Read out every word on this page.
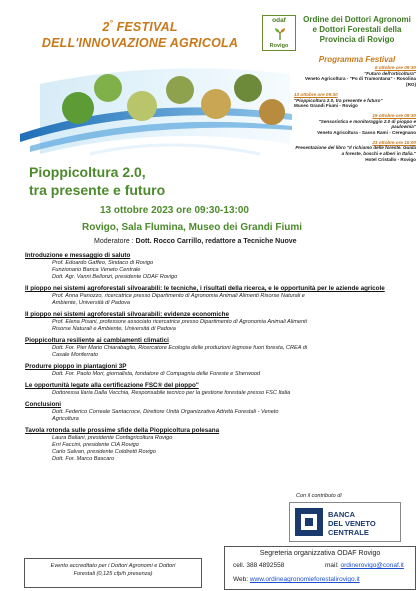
2° FESTIVAL
DELL'INNOVAZIONE AGRICOLA
odaf
Rovigo
Ordine dei Dottori Agronomi
e Dottori Forestali della
Provincia di Rovigo
Programma Festival
6 ottobre ore 09:30
"Futuro dell'orticoltura"
Veneto Agricoltura - "Po di Tramontana" - Rosolina (RO)
13 ottobre ore 09:30
"Pioppicoltura 2.0, tra presente e futuro"
Museo Grandi Fiumi - Rovigo
19 ottobre ore 09:30
"Sensoristica e monitoraggio 2.0 di pioppo e paulownia"
Veneto Agricoltura - Sasso Rami - Ceregnano
23 ottobre ore 15:00
Presentazione del libro "Il richiamo delle foreste. Guida a foreste, boschi e alberi in Italia."
Hotel Cristallo - Rovigo
Pioppicoltura 2.0,
tra presente e futuro
13 ottobre 2023 ore 09:30-13:00
Rovigo, Sala Flumina, Museo dei Grandi Fiumi
Moderatore : Dott. Rocco Carrillo, redattore a Tecniche Nuove
Introduzione e messaggio di saluto
Prof. Edoardo Gaffeo, Sindaco di Rovigo
Funzionario Banca Veneto Centrale
Dott. Agr. Vanni Bellonzi, presidente ODAF Rovigo
Il pioppo nei sistemi agroforestali silvoarabili: le tecniche, i risultati della ricerca, e le opportunità per le aziende agricole
Prof. Anna Panozzo, ricercatrice presso Dipartimento di Agronomia Animali Alimenti Risorse Naturali e
Ambiente, Università di Padova
Il pioppo nei sistemi agroforestali silvoarabili: evidenze economiche
Prof. Elena Pisani, professore associato ricercatrice presso Dipartimento di Agronomia Animali Alimenti
Risorse Naturali e Ambiente, Università di Padova
Pioppicoltura resiliente ai cambiamenti climatici
Dott. For. Pier Mario Chiarabaglio, Ricercatore Ecologia delle produzioni legnose fuori foresta, CREA di
Casale Monferrato
Produrre pioppo in piantagioni 3P
Dott. For. Paolo Mori, giornalista, fondatore di Compagnia delle Foreste e Sherwood
Le opportunità legate alla certificazione FSC® del pioppo"
Dottoressa Ilaria Dalla Vecchia, Responsabile tecnico per la gestione forestale presso FSC Italia
Conclusioni
Dott. Federico Correale Santacroce, Direttore Unità Organizzativa Attività Forestali - Veneto
Agricoltura
Tavola rotonda sulle prossime sfide della Pioppicoltura polesana
Laura Ballani, presidente Confagricoltura Rovigo
Erri Faccini, presidente CIA Rovigo
Carlo Salvan, presidente Coldiretti Rovigo
Dott. For. Marco Bascaro
Con il contributo di
BANCA
DEL VENETO
CENTRALE
Evento accreditato per i Dottori Agronomi e Dottori
Forestali (0,125 cfp/h presenza)
Segreteria organizzativa ODAF Rovigo
cell. 388 4892558	mail: ordinerovigo@conaf.it
Web: www.ordineagronomieforestalirovigo.it
